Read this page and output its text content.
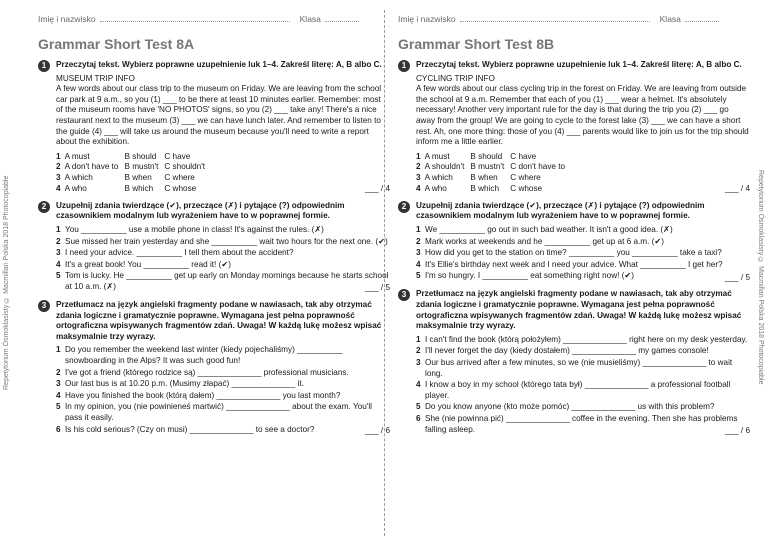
Repetytorium Ósmoklasisty © Macmillan Polska 2018 Photocopiable	Repetytorium Ósmoklasisty © Macmillan Polska 2018 Photocopiable
Imię i nazwisko	Klasa
Grammar Short Test 8A
1	Przeczytaj tekst. Wybierz poprawne uzupełnienie luk 1–4. Zakreśl literę: A, B albo C.
MUSEUM TRIP INFO
A few words about our class trip to the museum on Friday. We are leaving from the school car park at 9 a.m., so you (1) ___ to be there at least 10 minutes earlier. Remember: most of the museum rooms have 'NO PHOTOS' signs, so you (2) ___ take any! There's a nice restaurant next to the museum (3) ___ we can have lunch later. And remember to listen to the guide (4) ___ will take us around the museum because you'll need to write a report about the exhibition.
1	A must	B should	C have
2	A don't have to	B mustn't	C shouldn't
3	A which	B when	C where
4	A who	B which	C whose	___ / 4
2	Uzupełnij zdania twierdzące (✔), przeczące (✗) i pytające (?) odpowiednim czasownikiem modalnym lub wyrażeniem have to w poprawnej formie.
1 You __________ use a mobile phone in class! It's against the rules. (✗)
2 Sue missed her train yesterday and she __________ wait two hours for the next one. (✔)
3 I need your advice. __________ I tell them about the accident?
4 It's a great book! You __________ read it! (✔)
5 Tom is lucky. He __________ get up early on Monday mornings because he starts school at 10 a.m. (✗)	___ / 5
3	Przetłumacz na język angielski fragmenty podane w nawiasach, tak aby otrzymać zdania logiczne i gramatycznie poprawne. Wymagana jest pełna poprawność ortograficzna wpisywanych fragmentów zdań. Uwaga! W każdą lukę możesz wpisać maksymalnie trzy wyrazy.
1 Do you remember the weekend last winter (kiedy pojechaliśmy) __________ snowboarding in the Alps? It was such good fun!
2 I've got a friend (którego rodzice są) ______________ professional musicians.
3 Our last bus is at 10.20 p.m. (Musimy złapać) ______________ it.
4 Have you finished the book (którą dałem) ______________ you last month?
5 In my opinion, you (nie powinieneś martwić) ______________ about the exam. You'll pass it easily.
6 Is his cold serious? (Czy on musi) ______________ to see a doctor?	___ / 6
Imię i nazwisko	Klasa
Grammar Short Test 8B
1	Przeczytaj tekst. Wybierz poprawne uzupełnienie luk 1–4. Zakreśl literę: A, B albo C.
CYCLING TRIP INFO
A few words about our class cycling trip in the forest on Friday. We are leaving from outside the school at 9 a.m. Remember that each of you (1) ___ wear a helmet. It's absolutely necessary! Another very important rule for the day is that during the trip you (2) ___ go away from the group! We are going to cycle to the forest lake (3) ___ we can have a short rest. Ah, one more thing: those of you (4) ___ parents would like to join us for the trip should inform me a little earlier.
1	A must	B should	C have
2	A shouldn't	B mustn't	C don't have to
3	A which	B when	C where
4	A who	B which	C whose	___ / 4
2	Uzupełnij zdania twierdzące (✔), przeczące (✗) i pytające (?) odpowiednim czasownikiem modalnym lub wyrażeniem have to w poprawnej formie.
1 We __________ go out in such bad weather. It isn't a good idea. (✗)
2 Mark works at weekends and he __________ get up at 6 a.m. (✔)
3 How did you get to the station on time? __________ you __________ take a taxi?
4 It's Ellie's birthday next week and I need your advice. What __________ I get her?
5 I'm so hungry. I __________ eat something right now! (✔)	___ / 5
3	Przetłumacz na język angielski fragmenty podane w nawiasach, tak aby otrzymać zdania logiczne i gramatycznie poprawne. Wymagana jest pełna poprawność ortograficzna wpisywanych fragmentów zdań. Uwaga! W każdą lukę możesz wpisać maksymalnie trzy wyrazy.
1 I can't find the book (którą położyłem) ______________ right here on my desk yesterday.
2 I'll never forget the day (kiedy dostałem) ______________ my games console!
3 Our bus arrived after a few minutes, so we (nie musieliśmy) ______________ to wait long.
4 I know a boy in my school (którego tata był) ______________ a professional football player.
5 Do you know anyone (kto może pomóc) ______________ us with this problem?
6 She (nie powinna pić) ______________ coffee in the evening. Then she has problems falling asleep.	___ / 6
